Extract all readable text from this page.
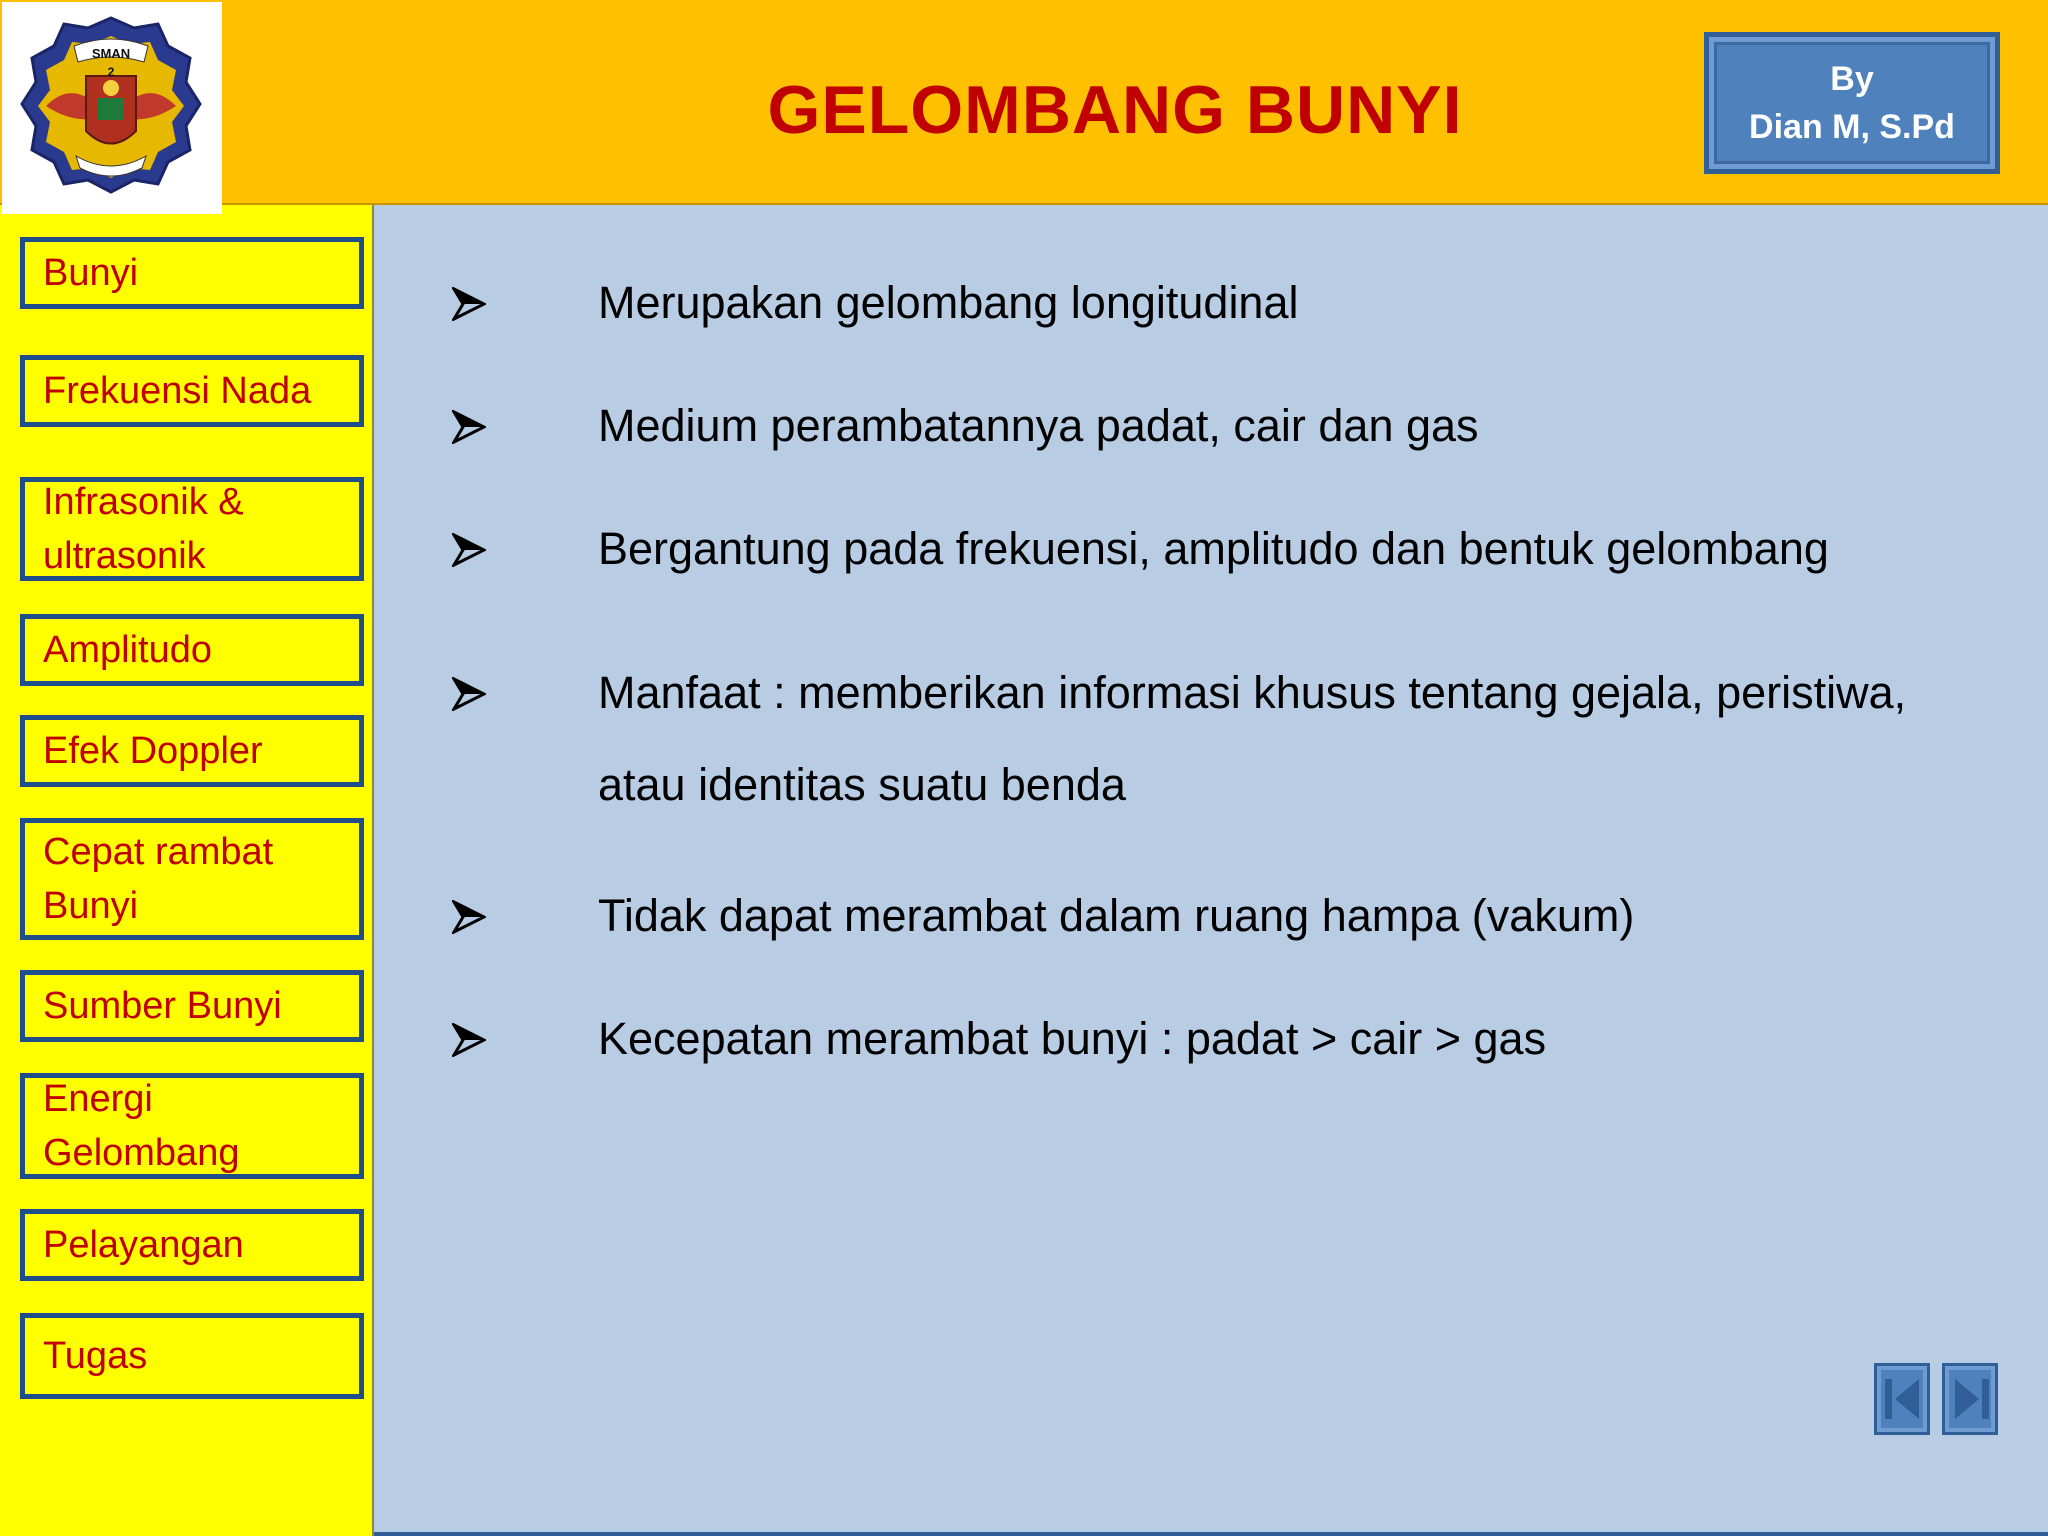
GELOMBANG BUNYI	By
Dian M, S.Pd
SMAN
2
Bunyi
Frekuensi Nada
Infrasonik &
ultrasonik
Amplitudo
Efek Doppler
Cepat rambat
Bunyi
Sumber Bunyi
Energi
Gelombang
Pelayangan
Tugas
Merupakan gelombang longitudinal
Medium perambatannya padat, cair dan gas
Bergantung pada frekuensi, amplitudo dan bentuk gelombang
Manfaat : memberikan informasi khusus tentang gejala, peristiwa,
atau identitas suatu benda
Tidak dapat merambat dalam ruang hampa (vakum)
Kecepatan merambat bunyi : padat > cair > gas
